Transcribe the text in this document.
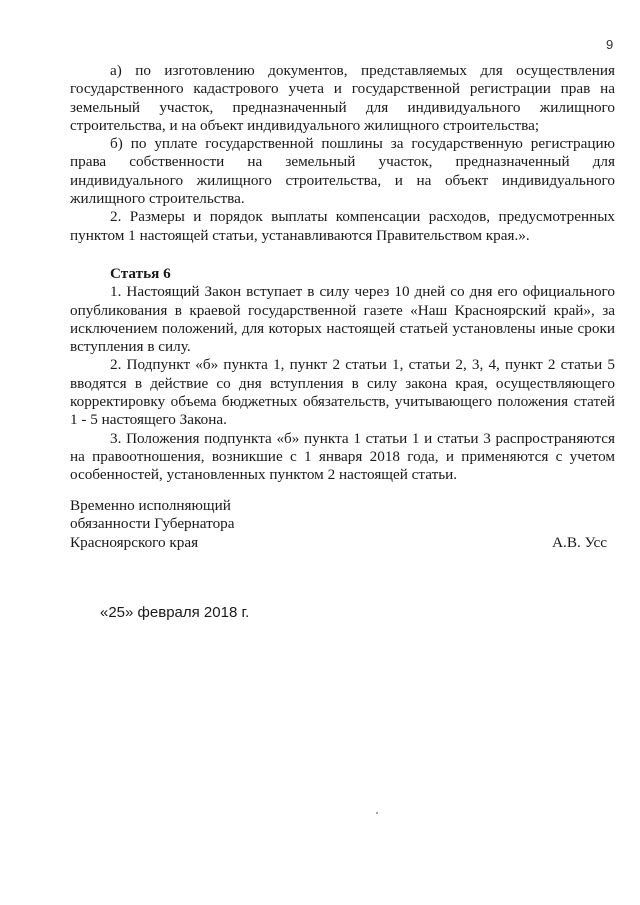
9

а) по изготовлению документов, представляемых для осуществления государственного кадастрового учета и государственной регистрации прав на земельный участок, предназначенный для индивидуального жилищного строительства, и на объект индивидуального жилищного строительства;

б) по уплате государственной пошлины за государственную регистрацию права собственности на земельный участок, предназначенный для индивидуального жилищного строительства, и на объект индивидуального жилищного строительства.

2. Размеры и порядок выплаты компенсации расходов, предусмотренных пунктом 1 настоящей статьи, устанавливаются Правительством края.».

Статья 6

1. Настоящий Закон вступает в силу через 10 дней со дня его официального опубликования в краевой государственной газете «Наш Красноярский край», за исключением положений, для которых настоящей статьей установлены иные сроки вступления в силу.

2. Подпункт «б» пункта 1, пункт 2 статьи 1, статьи 2, 3, 4, пункт 2 статьи 5 вводятся в действие со дня вступления в силу закона края, осуществляющего корректировку объема бюджетных обязательств, учитывающего положения статей 1 - 5 настоящего Закона.

3. Положения подпункта «б» пункта 1 статьи 1 и статьи 3 распространяются на правоотношения, возникшие с 1 января 2018 года, и применяются с учетом особенностей, установленных пунктом 2 настоящей статьи.

Временно исполняющий
обязанности Губернатора
Красноярского края	А.В. Усс
«25» февраля 2018 г.
